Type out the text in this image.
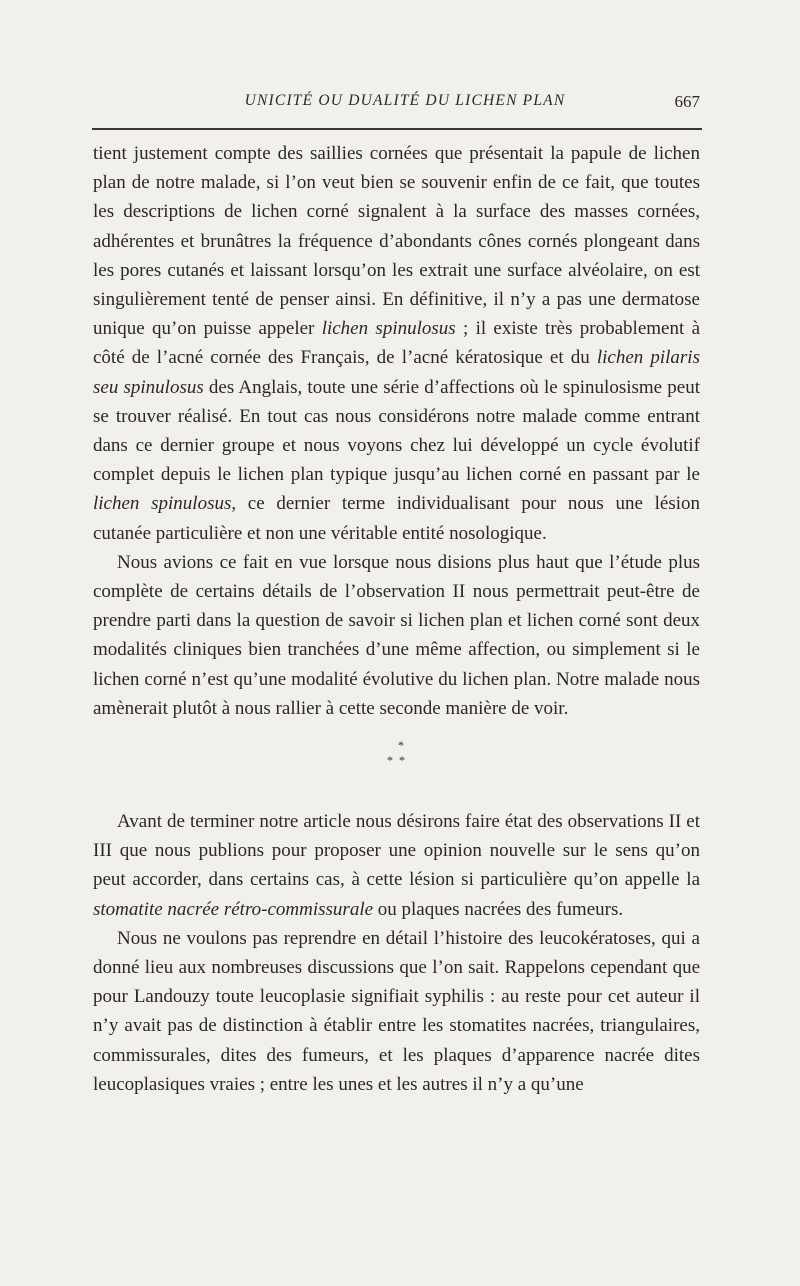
UNICITÉ OU DUALITÉ DU LICHEN PLAN	667

tient justement compte des saillies cornées que présentait la papule de lichen plan de notre malade, si l’on veut bien se souvenir enfin de ce fait, que toutes les descriptions de lichen corné signalent à la surface des masses cornées, adhérentes et brunâtres la fréquence d’abondants cônes cornés plongeant dans les pores cutanés et laissant lorsqu’on les extrait une surface alvéolaire, on est singulièrement tenté de penser ainsi. En définitive, il n’y a pas une dermatose unique qu’on puisse appeler lichen spinulosus ; il existe très probablement à côté de l’acné cornée des Français, de l’acné kératosique et du lichen pilaris seu spinulosus des Anglais, toute une série d’affections où le spinulosisme peut se trouver réalisé. En tout cas nous considérons notre malade comme entrant dans ce dernier groupe et nous voyons chez lui développé un cycle évolutif complet depuis le lichen plan typique jusqu’au lichen corné en passant par le lichen spinulosus, ce dernier terme individualisant pour nous une lésion cutanée particulière et non une véritable entité nosologique.

Nous avions ce fait en vue lorsque nous disions plus haut que l’étude plus complète de certains détails de l’observation II nous permettrait peut-être de prendre parti dans la question de savoir si lichen plan et lichen corné sont deux modalités cliniques bien tranchées d’une même affection, ou simplement si le lichen corné n’est qu’une modalité évolutive du lichen plan. Notre malade nous amènerait plutôt à nous rallier à cette seconde manière de voir.

*
**

Avant de terminer notre article nous désirons faire état des observations II et III que nous publions pour proposer une opinion nouvelle sur le sens qu’on peut accorder, dans certains cas, à cette lésion si particulière qu’on appelle la stomatite nacrée rétro-commissurale ou plaques nacrées des fumeurs.

Nous ne voulons pas reprendre en détail l’histoire des leucokératoses, qui a donné lieu aux nombreuses discussions que l’on sait. Rappelons cependant que pour Landouzy toute leucoplasie signifiait syphilis : au reste pour cet auteur il n’y avait pas de distinction à établir entre les stomatites nacrées, triangulaires, commissurales, dites des fumeurs, et les plaques d’apparence nacrée dites leucoplasiques vraies ; entre les unes et les autres il n’y a qu’une
